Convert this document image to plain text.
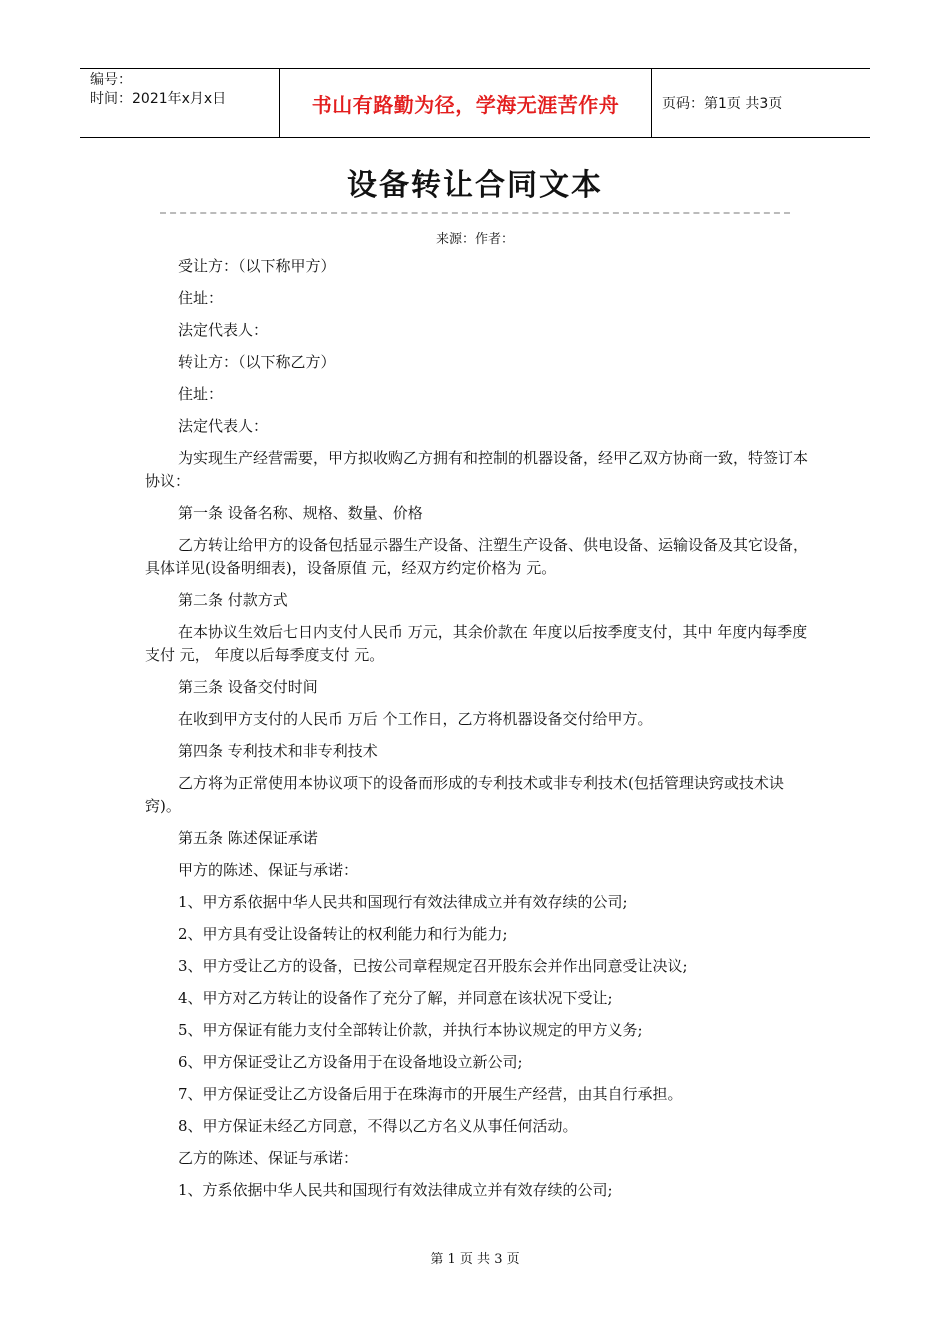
编号：
时间：2021年x月x日	书山有路勤为径，学海无涯苦作舟	页码：第1页 共3页
设备转让合同文本
来源：作者：

受让方：（以下称甲方）

住址：

法定代表人：

转让方：（以下称乙方）

住址：

法定代表人：

为实现生产经营需要，甲方拟收购乙方拥有和控制的机器设备，经甲乙双方协商一致，特签订本协议：

第一条 设备名称、规格、数量、价格

乙方转让给甲方的设备包括显示器生产设备、注塑生产设备、供电设备、运输设备及其它设备，具体详见(设备明细表)，设备原值 元，经双方约定价格为 元。

第二条 付款方式

在本协议生效后七日内支付人民币 万元，其余价款在 年度以后按季度支付，其中 年度内每季度支付 元， 年度以后每季度支付 元。

第三条 设备交付时间

在收到甲方支付的人民币 万后 个工作日，乙方将机器设备交付给甲方。

第四条 专利技术和非专利技术

乙方将为正常使用本协议项下的设备而形成的专利技术或非专利技术(包括管理诀窍或技术诀窍)。

第五条 陈述保证承诺

甲方的陈述、保证与承诺：

1、甲方系依据中华人民共和国现行有效法律成立并有效存续的公司;

2、甲方具有受让设备转让的权利能力和行为能力;

3、甲方受让乙方的设备，已按公司章程规定召开股东会并作出同意受让决议;

4、甲方对乙方转让的设备作了充分了解，并同意在该状况下受让;

5、甲方保证有能力支付全部转让价款，并执行本协议规定的甲方义务;

6、甲方保证受让乙方设备用于在设备地设立新公司;

7、甲方保证受让乙方设备后用于在珠海市的开展生产经营，由其自行承担。

8、甲方保证未经乙方同意，不得以乙方名义从事任何活动。

乙方的陈述、保证与承诺：

1、方系依据中华人民共和国现行有效法律成立并有效存续的公司;

第 1 页 共 3 页
